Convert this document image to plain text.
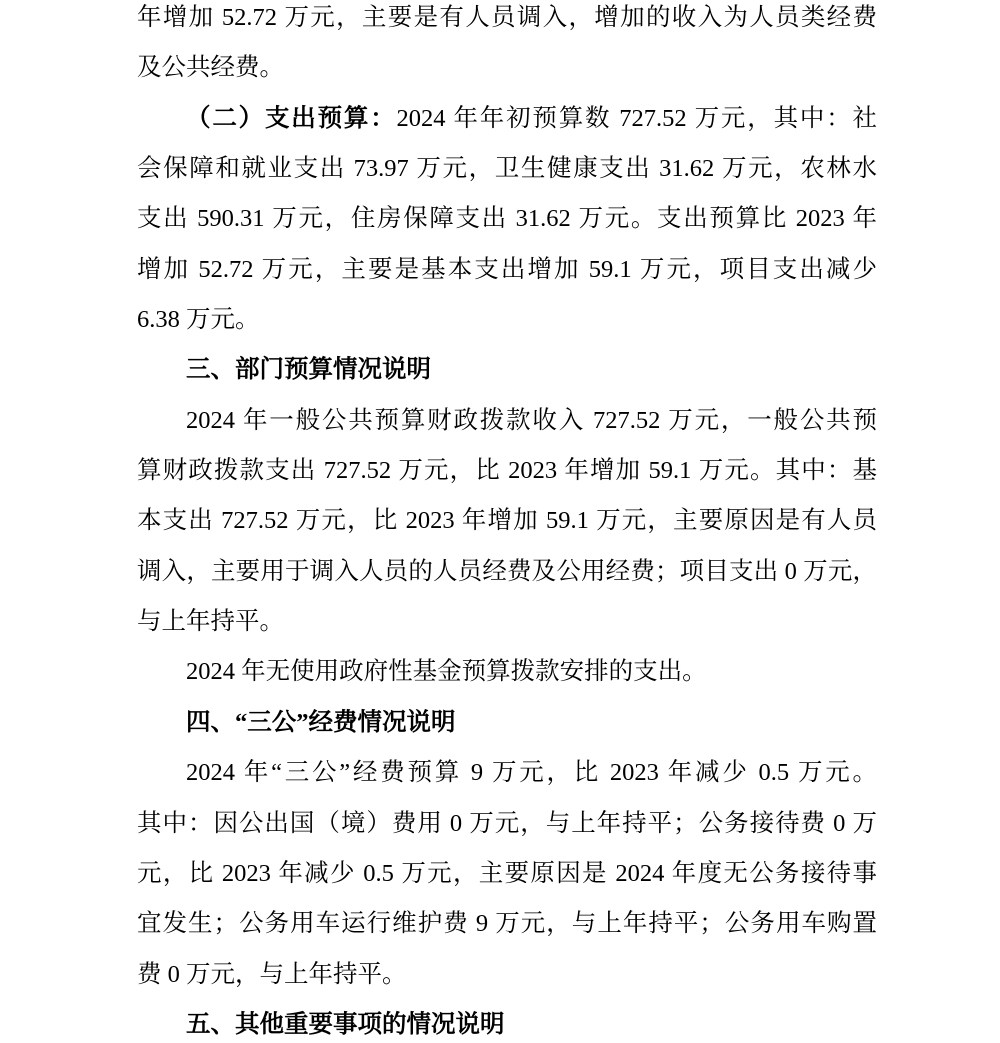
年增加 52.72 万元，主要是有人员调入，增加的收入为人员类经费
及公共经费。
（二）支出预算：2024 年年初预算数 727.52 万元，其中：社
会保障和就业支出 73.97 万元，卫生健康支出 31.62 万元，农林水
支出 590.31 万元，住房保障支出 31.62 万元。支出预算比 2023 年
增加 52.72 万元，主要是基本支出增加 59.1 万元，项目支出减少
6.38 万元。
三、部门预算情况说明
2024 年一般公共预算财政拨款收入 727.52 万元，一般公共预
算财政拨款支出 727.52 万元，比 2023 年增加 59.1 万元。其中：基
本支出 727.52 万元，比 2023 年增加 59.1 万元，主要原因是有人员
调入，主要用于调入人员的人员经费及公用经费；项目支出 0 万元，
与上年持平。
2024 年无使用政府性基金预算拨款安排的支出。
四、“三公”经费情况说明
2024 年“三公”经费预算 9 万元，比 2023 年减少 0.5 万元。
其中：因公出国（境）费用 0 万元，与上年持平；公务接待费 0 万
元，比 2023 年减少 0.5 万元，主要原因是 2024 年度无公务接待事
宜发生；公务用车运行维护费 9 万元，与上年持平；公务用车购置
费 0 万元，与上年持平。
五、其他重要事项的情况说明
